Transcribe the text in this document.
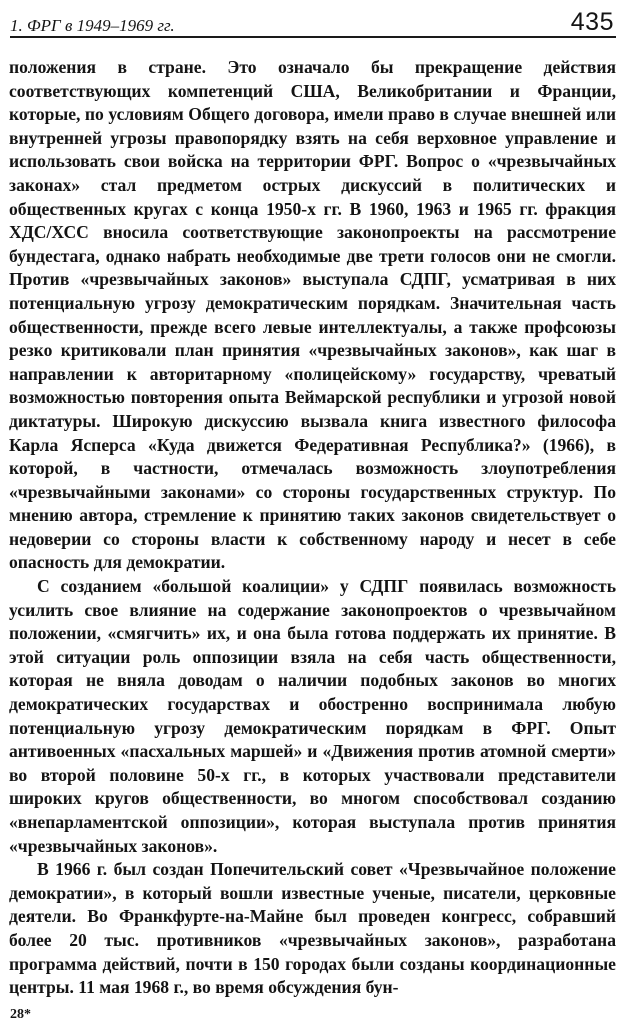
1. ФРГ в 1949–1969 гг.	435

положения в стране. Это означало бы прекращение действия соответствующих компетенций США, Великобритании и Франции, которые, по условиям Общего договора, имели право в случае внешней или внутренней угрозы правопорядку взять на себя верховное управление и использовать свои войска на территории ФРГ. Вопрос о «чрезвычайных законах» стал предметом острых дискуссий в политических и общественных кругах с конца 1950-х гг. В 1960, 1963 и 1965 гг. фракция ХДС/ХСС вносила соответствующие законопроекты на рассмотрение бундестага, однако набрать необходимые две трети голосов они не смогли. Против «чрезвычайных законов» выступала СДПГ, усматривая в них потенциальную угрозу демократическим порядкам. Значительная часть общественности, прежде всего левые интеллектуалы, а также профсоюзы резко критиковали план принятия «чрезвычайных законов», как шаг в направлении к авторитарному «полицейскому» государству, чреватый возможностью повторения опыта Веймарской республики и угрозой новой диктатуры. Широкую дискуссию вызвала книга известного философа Карла Ясперса «Куда движется Федеративная Республика?» (1966), в которой, в частности, отмечалась возможность злоупотребления «чрезвычайными законами» со стороны государственных структур. По мнению автора, стремление к принятию таких законов свидетельствует о недоверии со стороны власти к собственному народу и несет в себе опасность для демократии.

С созданием «большой коалиции» у СДПГ появилась возможность усилить свое влияние на содержание законопроектов о чрезвычайном положении, «смягчить» их, и она была готова поддержать их принятие. В этой ситуации роль оппозиции взяла на себя часть общественности, которая не вняла доводам о наличии подобных законов во многих демократических государствах и обостренно воспринимала любую потенциальную угрозу демократическим порядкам в ФРГ. Опыт антивоенных «пасхальных маршей» и «Движения против атомной смерти» во второй половине 50-х гг., в которых участвовали представители широких кругов общественности, во многом способствовал созданию «внепарламентской оппозиции», которая выступала против принятия «чрезвычайных законов».

В 1966 г. был создан Попечительский совет «Чрезвычайное положение демократии», в который вошли известные ученые, писатели, церковные деятели. Во Франкфурте-на-Майне был проведен конгресс, собравший более 20 тыс. противников «чрезвычайных законов», разработана программа действий, почти в 150 городах были созданы координационные центры. 11 мая 1968 г., во время обсуждения бун-

28*
